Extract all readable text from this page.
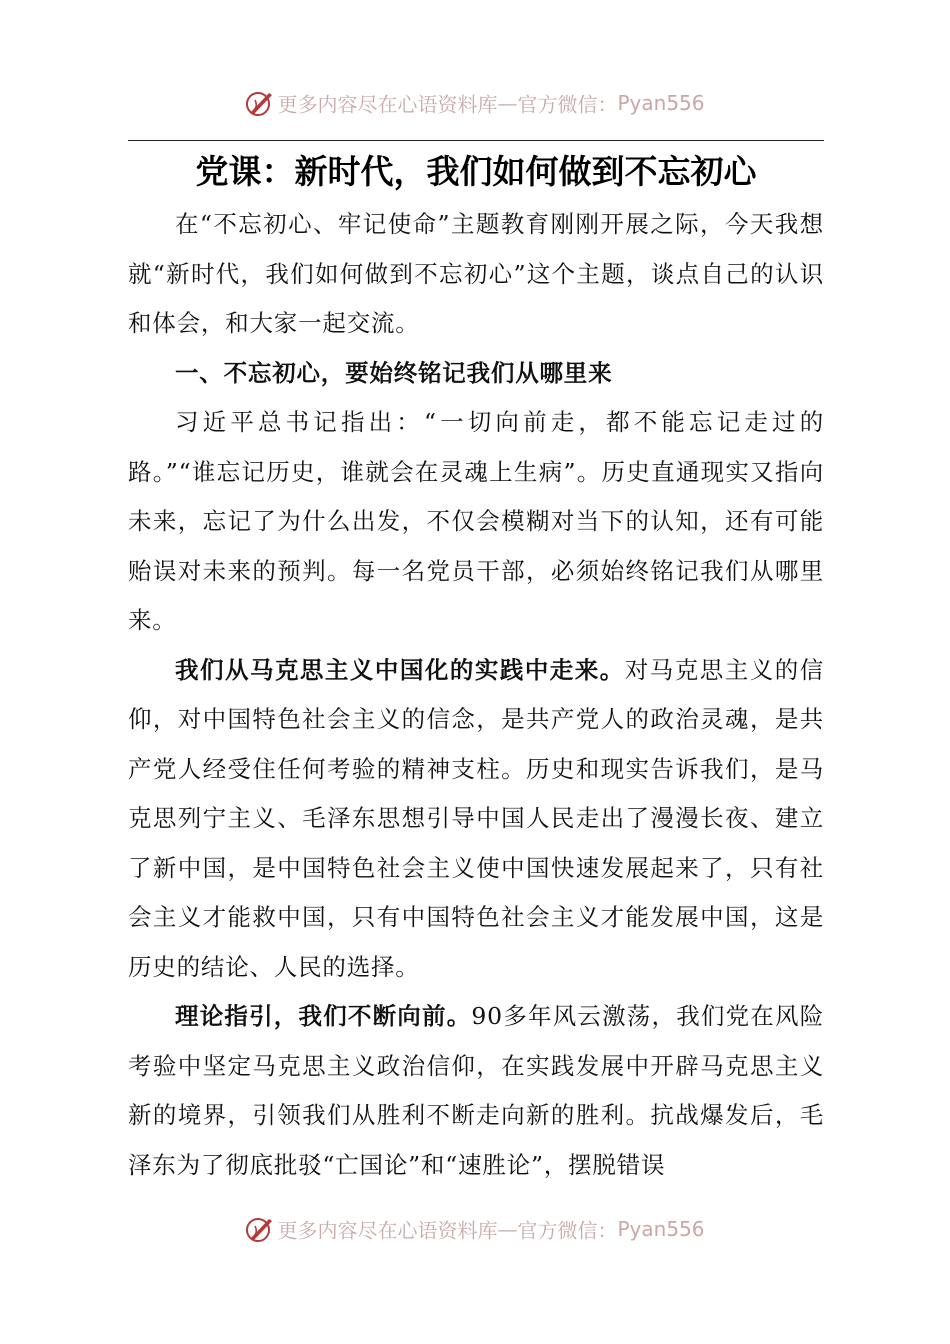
更多内容尽在心语资料库—官方微信：Pyan556
党课：新时代，我们如何做到不忘初心

在“不忘初心、牢记使命”主题教育刚刚开展之际，今天我想就“新时代，我们如何做到不忘初心”这个主题，谈点自己的认识和体会，和大家一起交流。

一、不忘初心，要始终铭记我们从哪里来

习近平总书记指出：“一切向前走，都不能忘记走过的路。”“谁忘记历史，谁就会在灵魂上生病”。历史直通现实又指向未来，忘记了为什么出发，不仅会模糊对当下的认知，还有可能贻误对未来的预判。每一名党员干部，必须始终铭记我们从哪里来。

我们从马克思主义中国化的实践中走来。对马克思主义的信仰，对中国特色社会主义的信念，是共产党人的政治灵魂，是共产党人经受住任何考验的精神支柱。历史和现实告诉我们，是马克思列宁主义、毛泽东思想引导中国人民走出了漫漫长夜、建立了新中国，是中国特色社会主义使中国快速发展起来了，只有社会主义才能救中国，只有中国特色社会主义才能发展中国，这是历史的结论、人民的选择。

理论指引，我们不断向前。90多年风云激荡，我们党在风险考验中坚定马克思主义政治信仰，在实践发展中开辟马克思主义新的境界，引领我们从胜利不断走向新的胜利。抗战爆发后，毛泽东为了彻底批驳“亡国论”和“速胜论”，摆脱错误

更多内容尽在心语资料库—官方微信：Pyan556
